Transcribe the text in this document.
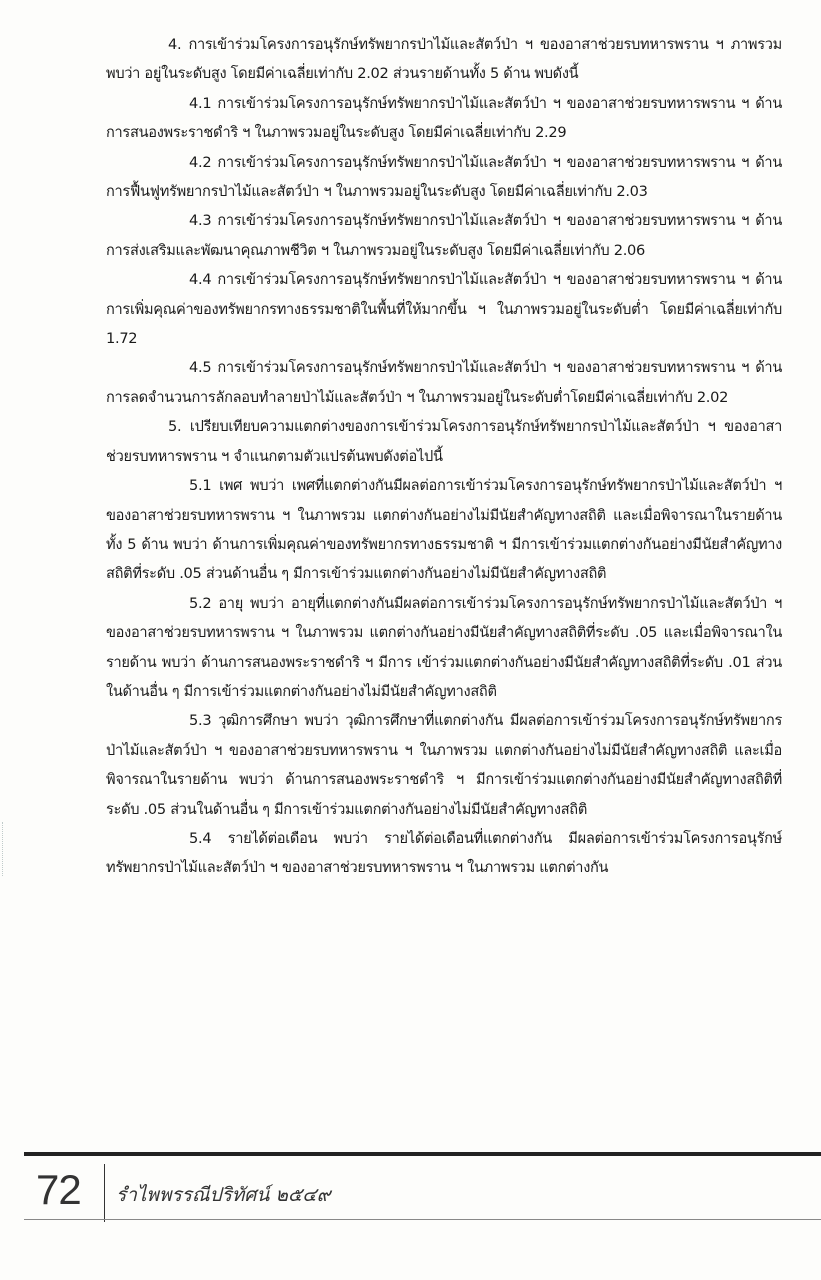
4. การเข้าร่วมโครงการอนุรักษ์ทรัพยากรป่าไม้และสัตว์ป่า ฯ ของอาสาช่วยรบทหารพราน ฯ ภาพรวม พบว่า อยู่ในระดับสูง โดยมีค่าเฉลี่ยเท่ากับ 2.02 ส่วนรายด้านทั้ง 5 ด้าน พบดังนี้

4.1 การเข้าร่วมโครงการอนุรักษ์ทรัพยากรป่าไม้และสัตว์ป่า ฯ ของอาสาช่วยรบทหารพราน ฯ ด้านการสนองพระราชดำริ ฯ ในภาพรวมอยู่ในระดับสูง โดยมีค่าเฉลี่ยเท่ากับ 2.29

4.2 การเข้าร่วมโครงการอนุรักษ์ทรัพยากรป่าไม้และสัตว์ป่า ฯ ของอาสาช่วยรบทหารพราน ฯ ด้านการฟื้นฟูทรัพยากรป่าไม้และสัตว์ป่า ฯ ในภาพรวมอยู่ในระดับสูง โดยมีค่าเฉลี่ยเท่ากับ 2.03

4.3 การเข้าร่วมโครงการอนุรักษ์ทรัพยากรป่าไม้และสัตว์ป่า ฯ ของอาสาช่วยรบทหารพราน ฯ ด้านการส่งเสริมและพัฒนาคุณภาพชีวิต ฯ ในภาพรวมอยู่ในระดับสูง โดยมีค่าเฉลี่ยเท่ากับ 2.06

4.4 การเข้าร่วมโครงการอนุรักษ์ทรัพยากรป่าไม้และสัตว์ป่า ฯ ของอาสาช่วยรบทหารพราน ฯ ด้านการเพิ่มคุณค่าของทรัพยากรทางธรรมชาติในพื้นที่ให้มากขึ้น ฯ ในภาพรวมอยู่ในระดับต่ำ โดยมีค่าเฉลี่ยเท่ากับ 1.72

4.5 การเข้าร่วมโครงการอนุรักษ์ทรัพยากรป่าไม้และสัตว์ป่า ฯ ของอาสาช่วยรบทหารพราน ฯ ด้านการลดจำนวนการลักลอบทำลายป่าไม้และสัตว์ป่า ฯ ในภาพรวมอยู่ในระดับต่ำโดยมีค่าเฉลี่ยเท่ากับ 2.02

5. เปรียบเทียบความแตกต่างของการเข้าร่วมโครงการอนุรักษ์ทรัพยากรป่าไม้และสัตว์ป่า ฯ ของอาสาช่วยรบทหารพราน ฯ จำแนกตามตัวแปรต้นพบดังต่อไปนี้

5.1 เพศ พบว่า เพศที่แตกต่างกันมีผลต่อการเข้าร่วมโครงการอนุรักษ์ทรัพยากรป่าไม้และสัตว์ป่า ฯ ของอาสาช่วยรบทหารพราน ฯ ในภาพรวม แตกต่างกันอย่างไม่มีนัยสำคัญทางสถิติ และเมื่อพิจารณาในรายด้านทั้ง 5 ด้าน พบว่า ด้านการเพิ่มคุณค่าของทรัพยากรทางธรรมชาติ ฯ มีการเข้าร่วมแตกต่างกันอย่างมีนัยสำคัญทางสถิติที่ระดับ .05 ส่วนด้านอื่น ๆ มีการเข้าร่วมแตกต่างกันอย่างไม่มีนัยสำคัญทางสถิติ

5.2 อายุ พบว่า อายุที่แตกต่างกันมีผลต่อการเข้าร่วมโครงการอนุรักษ์ทรัพยากรป่าไม้และสัตว์ป่า ฯ ของอาสาช่วยรบทหารพราน ฯ ในภาพรวม แตกต่างกันอย่างมีนัยสำคัญทางสถิติที่ระดับ .05 และเมื่อพิจารณาในรายด้าน พบว่า ด้านการสนองพระราชดำริ ฯ มีการ เข้าร่วมแตกต่างกันอย่างมีนัยสำคัญทางสถิติที่ระดับ .01 ส่วนในด้านอื่น ๆ มีการเข้าร่วมแตกต่างกันอย่างไม่มีนัยสำคัญทางสถิติ

5.3 วุฒิการศึกษา พบว่า วุฒิการศึกษาที่แตกต่างกัน มีผลต่อการเข้าร่วมโครงการอนุรักษ์ทรัพยากรป่าไม้และสัตว์ป่า ฯ ของอาสาช่วยรบทหารพราน ฯ ในภาพรวม แตกต่างกันอย่างไม่มีนัยสำคัญทางสถิติ และเมื่อพิจารณาในรายด้าน พบว่า ด้านการสนองพระราชดำริ ฯ มีการเข้าร่วมแตกต่างกันอย่างมีนัยสำคัญทางสถิติที่ระดับ .05 ส่วนในด้านอื่น ๆ มีการเข้าร่วมแตกต่างกันอย่างไม่มีนัยสำคัญทางสถิติ

5.4 รายได้ต่อเดือน พบว่า รายได้ต่อเดือนที่แตกต่างกัน มีผลต่อการเข้าร่วมโครงการอนุรักษ์ทรัพยากรป่าไม้และสัตว์ป่า ฯ ของอาสาช่วยรบทหารพราน ฯ ในภาพรวม แตกต่างกัน

72 รำไพพรรณีปริทัศน์ ๒๕๔๙
